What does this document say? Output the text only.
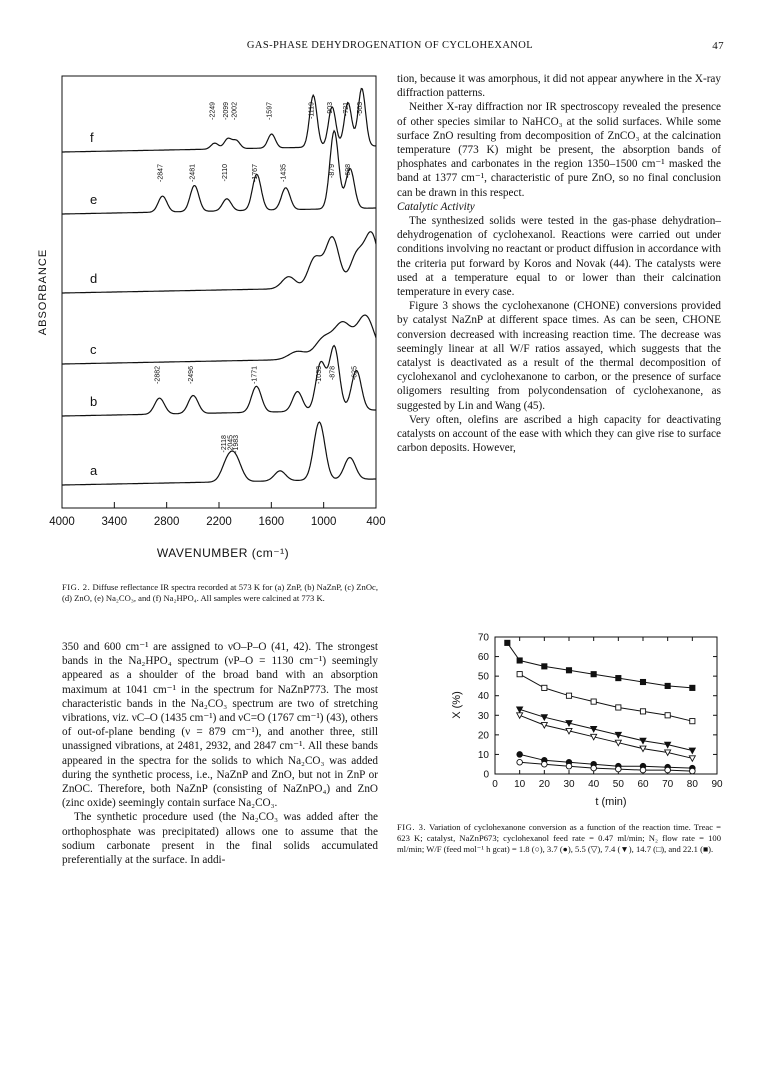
GAS-PHASE DEHYDROGENATION OF CYCLOHEXANOL	47
f
-2249 -2099 -2002	-1597	-1119 -903 -721 -563
e
-2847	-2481	-2110	-1767	-1435	-879 -698
d
c
b
-2882	-2496	-1771	-1033 -878 -625
a
-2118 -2045
-1983
4000 3400 2800 2200 1600 1000	400
ABSORBANCE
WAVENUMBER (cm⁻¹)
FIG. 2. Diffuse reflectance IR spectra recorded at 573 K for (a) ZnP, (b) NaZnP, (c) ZnOc, (d) ZnO, (e) Na₂CO₃, and (f) Na₂HPO₄. All samples were calcined at 773 K.

350 and 600 cm⁻¹ are assigned to νO–P–O (41, 42). The strongest bands in the Na₂HPO₄ spectrum (νP–O = 1130 cm⁻¹) seemingly appeared as a shoulder of the broad band with an absorption maximum at 1041 cm⁻¹ in the spectrum for NaZnP773. The most characteristic bands in the Na₂CO₃ spectrum are two of stretching vibrations, viz. νC–O (1435 cm⁻¹) and νC=O (1767 cm⁻¹) (43), others of out-of-plane bending (ν = 879 cm⁻¹), and another three, still unassigned vibrations, at 2481, 2932, and 2847 cm⁻¹. All these bands appeared in the spectra for the solids to which Na₂CO₃ was added during the synthetic process, i.e., NaZnP and ZnO, but not in ZnP or ZnOC. Therefore, both NaZnP (consisting of NaZnPO₄) and ZnO (zinc oxide) seemingly contain surface Na₂CO₃.

The synthetic procedure used (the Na₂CO₃ was added after the orthophosphate was precipitated) allows one to assume that the sodium carbonate present in the final solids accumulated preferentially at the surface. In addi-

tion, because it was amorphous, it did not appear anywhere in the X-ray diffraction patterns.

Neither X-ray diffraction nor IR spectroscopy revealed the presence of other species similar to NaHCO₃ at the solid surfaces. While some surface ZnO resulting from decomposition of ZnCO₃ at the calcination temperature (773 K) might be present, the absorption bands of phosphates and carbonates in the region 1350–1500 cm⁻¹ masked the band at 1377 cm⁻¹, characteristic of pure ZnO, so no final conclusion can be drawn in this respect.

Catalytic Activity

The synthesized solids were tested in the gas-phase dehydration–dehydrogenation of cyclohexanol. Reactions were carried out under conditions involving no reactant or product diffusion in accordance with the criteria put forward by Koros and Novak (44). The catalysts were used at a temperature equal to or lower than their calcination temperature in every case.

Figure 3 shows the cyclohexanone (CHONE) conversions provided by catalyst NaZnP at different space times. As can be seen, CHONE conversion decreased with increasing reaction time. The decrease was seemingly linear at all W/F ratios assayed, which suggests that the catalyst is deactivated as a result of the thermal decomposition of cyclohexanol and cyclohexanone to carbon, or the presence of surface oligomers resulting from polycondensation of cyclohexanone, as suggested by Lin and Wang (45).

Very often, olefins are ascribed a high capacity for deactivating catalysts on account of the ease with which they can give rise to surface carbon deposits. However,

0 10 20 30 40 50 60 70 80 90
0
10
20
30
40
50
60
70
t (min)
X (%)
FIG. 3. Variation of cyclohexanone conversion as a function of the reaction time. Treac = 623 K; catalyst, NaZnP673; cyclohexanol feed rate = 0.47 ml/min; N₂ flow rate = 100 ml/min; W/F (feed mol⁻¹ h gcat) = 1.8 (○), 3.7 (●), 5.5 (▽), 7.4 (▼), 14.7 (□), and 22.1 (■).
